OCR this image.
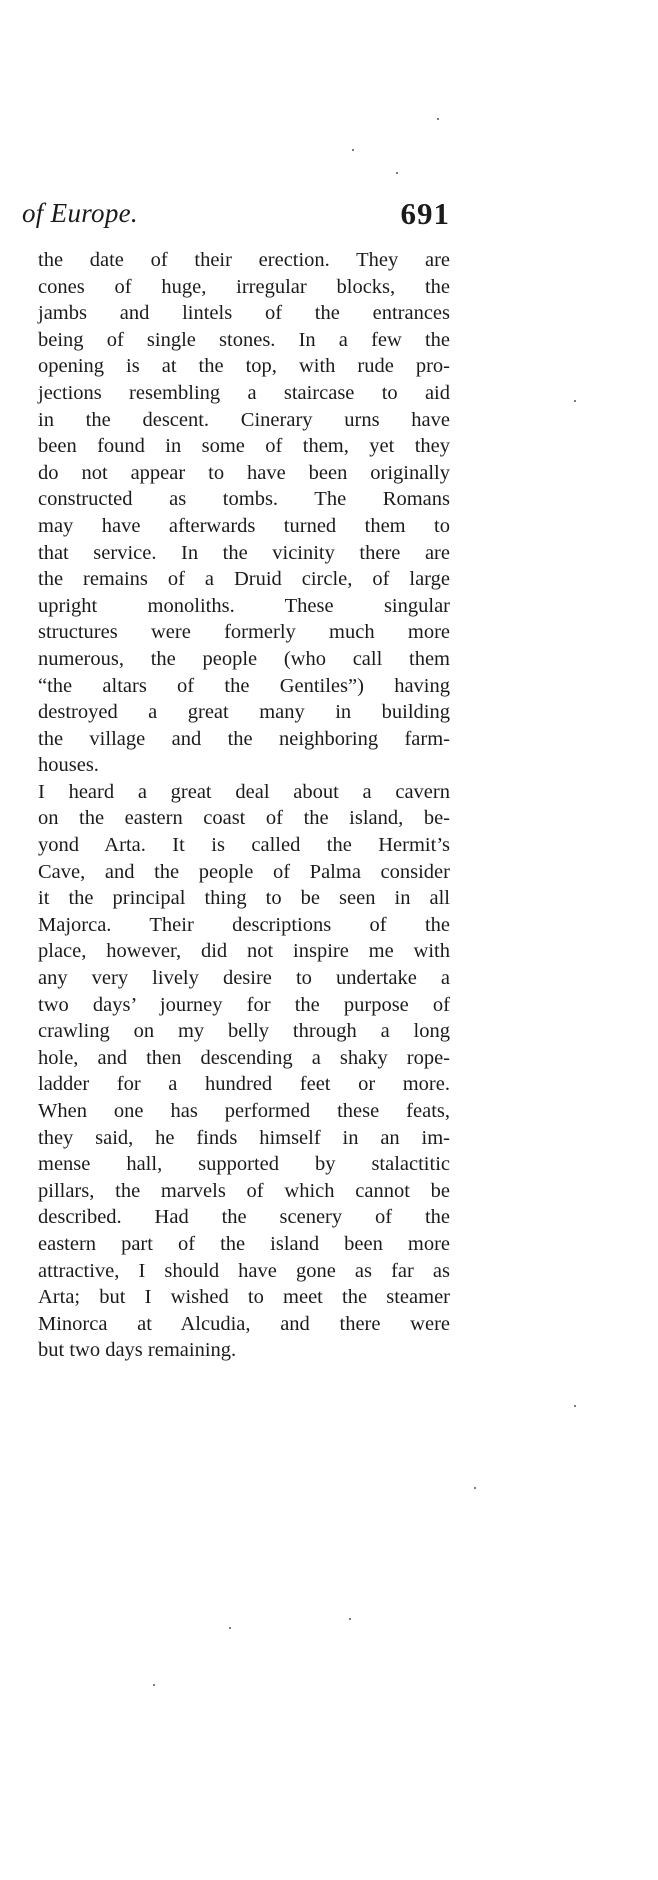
of Europe.	691
the date of their erection. They are
cones of huge, irregular blocks, the
jambs and lintels of the entrances
being of single stones. In a few the
opening is at the top, with rude pro-
jections resembling a staircase to aid
in the descent. Cinerary urns have
been found in some of them, yet they
do not appear to have been originally
constructed as tombs. The Romans
may have afterwards turned them to
that service. In the vicinity there are
the remains of a Druid circle, of large
upright monoliths. These singular
structures were formerly much more
numerous, the people (who call them
“the altars of the Gentiles”) having
destroyed a great many in building
the village and the neighboring farm-
houses.
I heard a great deal about a cavern
on the eastern coast of the island, be-
yond Arta. It is called the Hermit’s
Cave, and the people of Palma consider
it the principal thing to be seen in all
Majorca. Their descriptions of the
place, however, did not inspire me with
any very lively desire to undertake a
two days’ journey for the purpose of
crawling on my belly through a long
hole, and then descending a shaky rope-
ladder for a hundred feet or more.
When one has performed these feats,
they said, he finds himself in an im-
mense hall, supported by stalactitic
pillars, the marvels of which cannot be
described. Had the scenery of the
eastern part of the island been more
attractive, I should have gone as far as
Arta; but I wished to meet the steamer
Minorca at Alcudia, and there were
but two days remaining.
